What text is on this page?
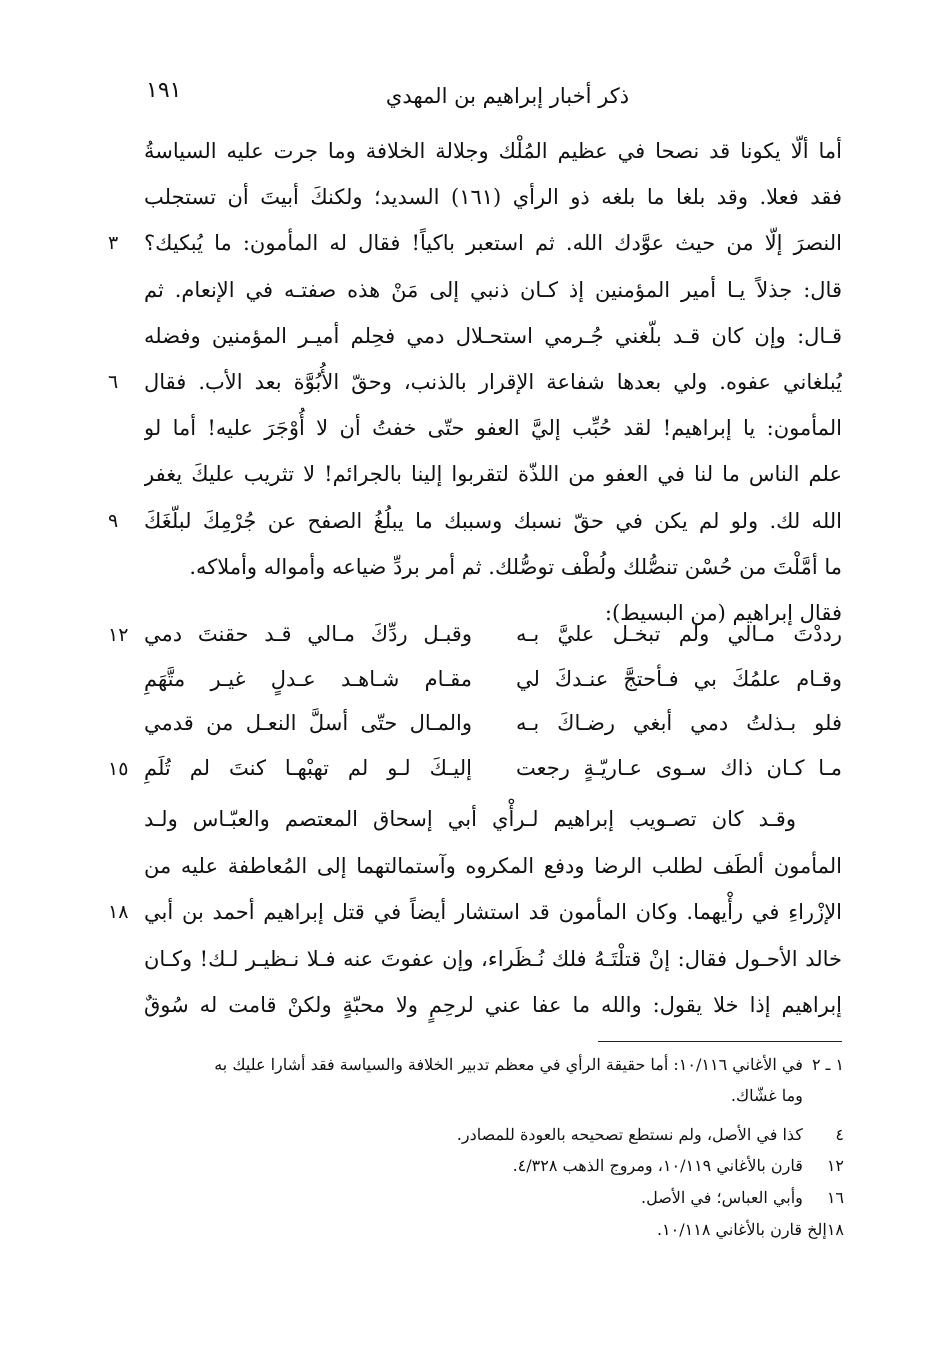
ذكر أخبار إبراهيم بن المهدي
١٩١
أما ألّا يكونا قد نصحا في عظيم المُلْك وجلالة الخلافة وما جرت عليه السياسةُ
فقد فعلا. وقد بلغا ما بلغه ذو الرأي (١٦١) السديد؛ ولكنكَ أبيتَ أن تستجلب
النصرَ إلّا من حيث عوَّدك الله. ثم استعبر باكياً! فقال له المأمون: ما يُبكيك؟
٣
قال: جذلاً يـا أمير المؤمنين إذ كـان ذنبي إلى مَنْ هذه صفتـه في الإنعام. ثم
قـال: وإن كان قـد بلّغني جُـرمي استحـلال دمي فحِلم أميـر المؤمنين وفضله
يُبلغاني عفوه. ولي بعدها شفاعة الإقرار بالذنب، وحقّ الأُبُوَّة بعد الأب. فقال
٦
المأمون: يا إبراهيم! لقد حُبِّب إليَّ العفو حتّى خفتُ أن لا أُوْجَرَ عليه! أما لو
علم الناس ما لنا في العفو من اللذّة لتقربوا إلينا بالجرائم! لا تثريب عليكَ يغفر
الله لك. ولو لم يكن في حقّ نسبك وسببك ما يبلُغُ الصفح عن جُرْمِكَ لبلّغَكَ
٩
ما أمَّلْتَ من حُسْن تنصُّلك ولُطْف توصُّلك. ثم أمر بردِّ ضياعه وأمواله وأملاكه.
فقال إبراهيم (من البسيط):
رددْتَ مـالي ولم تبخـل عليَّ بـه
وقبـل ردِّكَ مـالي قـد حقنتَ دمي
١٢
وقـام علمُكَ بي فـأحتجَّ عنـدكَ لي
مقـام شـاهـد عـدلٍ غيـر متَّهَمِ
فلو بـذلتُ دمي أبغي رضـاكَ بـه
والمـال حتّى أسلَّ النعـل من قدمي
مـا كـان ذاك سـوى عـاريّـةٍ رجعت
إليـكَ لـو لم تهبْهـا كنتَ لم تُلَمِ
١٥
وقـد كان تصـويب إبراهيم لـرأْي أبي إسحاق المعتصم والعبّـاس ولـد
المأمون ألطَف لطلب الرضا ودفع المكروه وآستمالتهما إلى المُعاطفة عليه من
الإزْراءِ في رأْيهما. وكان المأمون قد استشار أيضاً في قتل إبراهيم أحمد بن أبي
١٨
خالد الأحـول فقال: إنْ قتلْتَـهُ فلك نُـظَراء، وإن عفوتَ عنه فـلا نـظيـر لـك! وكـان
إبراهيم إذا خلا يقول: والله ما عفا عني لرحِمٍ ولا محبّةٍ ولكنْ قامت له سُوقٌ
١ ـ ٢ في الأغاني ١٠/١١٦: أما حقيقة الرأي في معظم تدبير الخلافة والسياسة فقد أشارا عليك به
وما غشّاك.
٤ كذا في الأصل، ولم نستطع تصحيحه بالعودة للمصادر.
١٢ قارن بالأغاني ١٠/١١٩، ومروج الذهب ٤/٣٢٨.
١٦ وأبي العباس؛ في الأصل.
١٨إلخ قارن بالأغاني ١٠/١١٨.
